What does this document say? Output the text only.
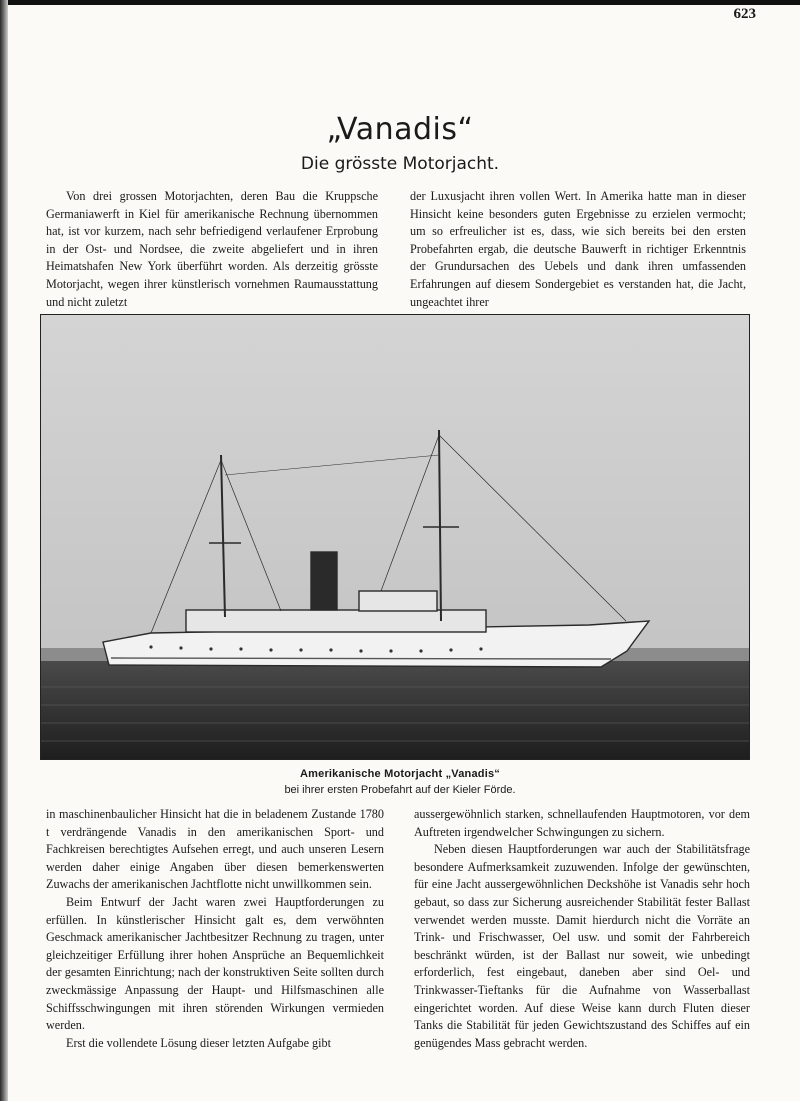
623
„Vanadis“
Die grösste Motorjacht.

Von drei grossen Motorjachten, deren Bau die Kruppsche Germaniawerft in Kiel für amerikanische Rechnung übernommen hat, ist vor kurzem, nach sehr befriedigend verlaufener Erprobung in der Ost- und Nordsee, die zweite abgeliefert und in ihren Heimatshafen New York überführt worden. Als derzeitig grösste Motorjacht, wegen ihrer künstlerisch vornehmen Raumausstattung und nicht zuletzt

der Luxusjacht ihren vollen Wert. In Amerika hatte man in dieser Hinsicht keine besonders guten Ergebnisse zu erzielen vermocht; um so erfreulicher ist es, dass, wie sich bereits bei den ersten Probefahrten ergab, die deutsche Bauwerft in richtiger Erkenntnis der Grundursachen des Uebels und dank ihren umfassenden Erfahrungen auf diesem Sondergebiet es verstanden hat, die Jacht, ungeachtet ihrer

Amerikanische Motorjacht „Vanadis“
bei ihrer ersten Probefahrt auf der Kieler Förde.

in maschinenbaulicher Hinsicht hat die in beladenem Zustande 1780 t verdrängende Vanadis in den amerikanischen Sport- und Fachkreisen berechtigtes Aufsehen erregt, und auch unseren Lesern werden daher einige Angaben über diesen bemerkenswerten Zuwachs der amerikanischen Jachtflotte nicht unwillkommen sein.

Beim Entwurf der Jacht waren zwei Hauptforderungen zu erfüllen. In künstlerischer Hinsicht galt es, dem verwöhnten Geschmack amerikanischer Jachtbesitzer Rechnung zu tragen, unter gleichzeitiger Erfüllung ihrer hohen Ansprüche an Bequemlichkeit der gesamten Einrichtung; nach der konstruktiven Seite sollten durch zweckmässige Anpassung der Haupt- und Hilfsmaschinen alle Schiffsschwingungen mit ihren störenden Wirkungen vermieden werden.

Erst die vollendete Lösung dieser letzten Aufgabe gibt

aussergewöhnlich starken, schnellaufenden Hauptmotoren, vor dem Auftreten irgendwelcher Schwingungen zu sichern.

Neben diesen Hauptforderungen war auch der Stabilitätsfrage besondere Aufmerksamkeit zuzuwenden. Infolge der gewünschten, für eine Jacht aussergewöhnlichen Deckshöhe ist Vanadis sehr hoch gebaut, so dass zur Sicherung ausreichender Stabilität fester Ballast verwendet werden musste. Damit hierdurch nicht die Vorräte an Trink- und Frischwasser, Oel usw. und somit der Fahrbereich beschränkt würden, ist der Ballast nur soweit, wie unbedingt erforderlich, fest eingebaut, daneben aber sind Oel- und Trinkwasser-Tieftanks für die Aufnahme von Wasserballast eingerichtet worden. Auf diese Weise kann durch Fluten dieser Tanks die Stabilität für jeden Gewichtszustand des Schiffes auf ein genügendes Mass gebracht werden.
